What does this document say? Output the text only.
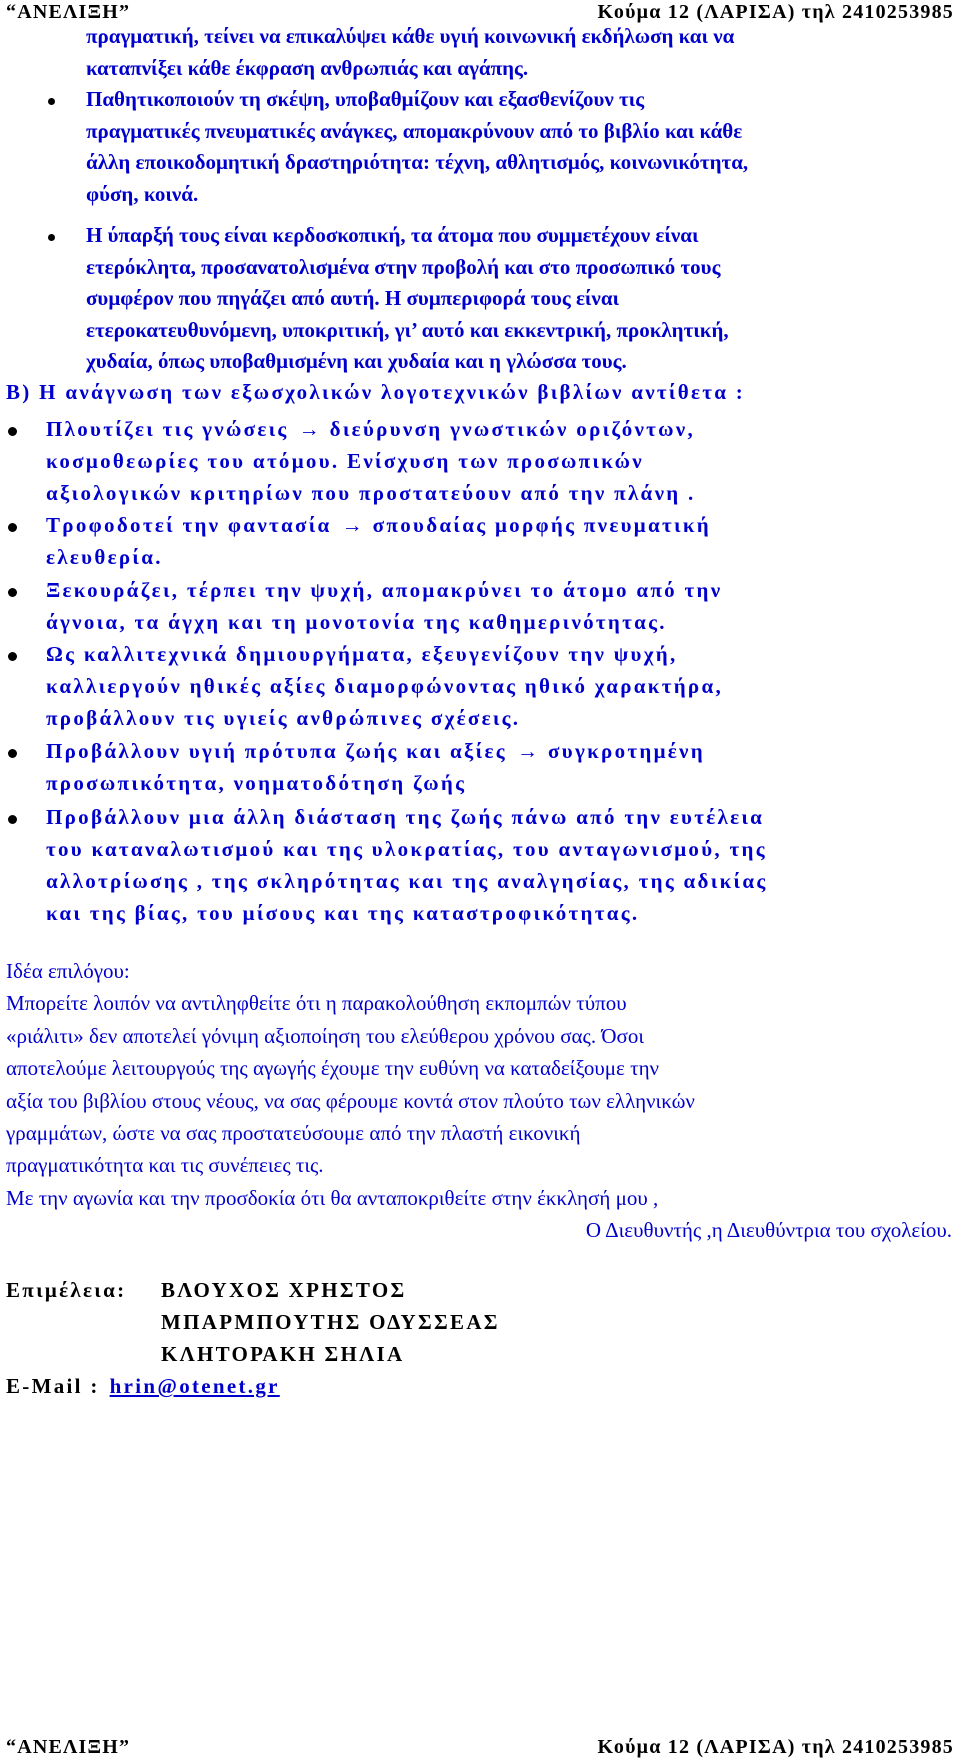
“ΑΝΕΛΙΞΗ”	Κούμα 12 (ΛΑΡΙΣΑ) τηλ 2410253985
πραγματική, τείνει να επικαλύψει κάθε υγιή κοινωνική εκδήλωση και να
καταπνίξει κάθε έκφραση ανθρωπιάς και αγάπης.
Παθητικοποιούν τη σκέψη, υποβαθμίζουν και εξασθενίζουν τις
πραγματικές πνευματικές ανάγκες, απομακρύνουν από το βιβλίο και κάθε
άλλη εποικοδομητική δραστηριότητα: τέχνη, αθλητισμός, κοινωνικότητα,
φύση, κοινά.
Η ύπαρξή τους είναι κερδοσκοπική, τα άτομα που συμμετέχουν είναι
ετερόκλητα, προσανατολισμένα στην προβολή και στο προσωπικό τους
συμφέρον που πηγάζει από αυτή. Η συμπεριφορά τους είναι
ετεροκατευθυνόμενη, υποκριτική, γι’ αυτό και εκκεντρική, προκλητική,
χυδαία, όπως υποβαθμισμένη και χυδαία και η γλώσσα τους.
Β) Η ανάγνωση των εξωσχολικών λογοτεχνικών βιβλίων αντίθετα :
Πλουτίζει τις γνώσεις → διεύρυνση γνωστικών οριζόντων,
κοσμοθεωρίες του ατόμου. Ενίσχυση των προσωπικών
αξιολογικών κριτηρίων που προστατεύουν από την πλάνη .
Τροφοδοτεί την φαντασία → σπουδαίας μορφής πνευματική
ελευθερία.
Ξεκουράζει, τέρπει την ψυχή, απομακρύνει το άτομο από την
άγνοια, τα άγχη και τη μονοτονία της καθημερινότητας.
Ως καλλιτεχνικά δημιουργήματα, εξευγενίζουν την ψυχή,
καλλιεργούν ηθικές αξίες διαμορφώνοντας ηθικό χαρακτήρα,
προβάλλουν τις υγιείς ανθρώπινες σχέσεις.
Προβάλλουν υγιή πρότυπα ζωής και αξίες → συγκροτημένη
προσωπικότητα, νοηματοδότηση ζωής
Προβάλλουν μια άλλη διάσταση της ζωής πάνω από την ευτέλεια
του καταναλωτισμού και της υλοκρατίας, του ανταγωνισμού, της
αλλοτρίωσης , της σκληρότητας και της αναλγησίας, της αδικίας
και της βίας, του μίσους και της καταστροφικότητας.
Ιδέα επιλόγου:
Μπορείτε λοιπόν να αντιληφθείτε ότι η παρακολούθηση εκπομπών τύπου
«ριάλιτι» δεν αποτελεί γόνιμη αξιοποίηση του ελεύθερου χρόνου σας. Όσοι
αποτελούμε λειτουργούς της αγωγής έχουμε την ευθύνη να καταδείξουμε την
αξία του βιβλίου στους νέους, να σας φέρουμε κοντά στον πλούτο των ελληνικών
γραμμάτων, ώστε να σας προστατεύσουμε από την πλαστή εικονική
πραγματικότητα και τις συνέπειες τις.
Με την αγωνία και την προσδοκία ότι θα ανταποκριθείτε στην έκκλησή μου ,
Ο Διευθυντής ,η Διευθύντρια του σχολείου.
Επιμέλεια:	ΒΛΟΥΧΟΣ ΧΡΗΣΤΟΣ
ΜΠΑΡΜΠΟΥΤΗΣ ΟΔΥΣΣΕΑΣ
ΚΛΗΤΟΡΑΚΗ ΣΗΛΙΑ
E-Mail : hrin@otenet.gr
“ΑΝΕΛΙΞΗ”	Κούμα 12 (ΛΑΡΙΣΑ) τηλ 2410253985
